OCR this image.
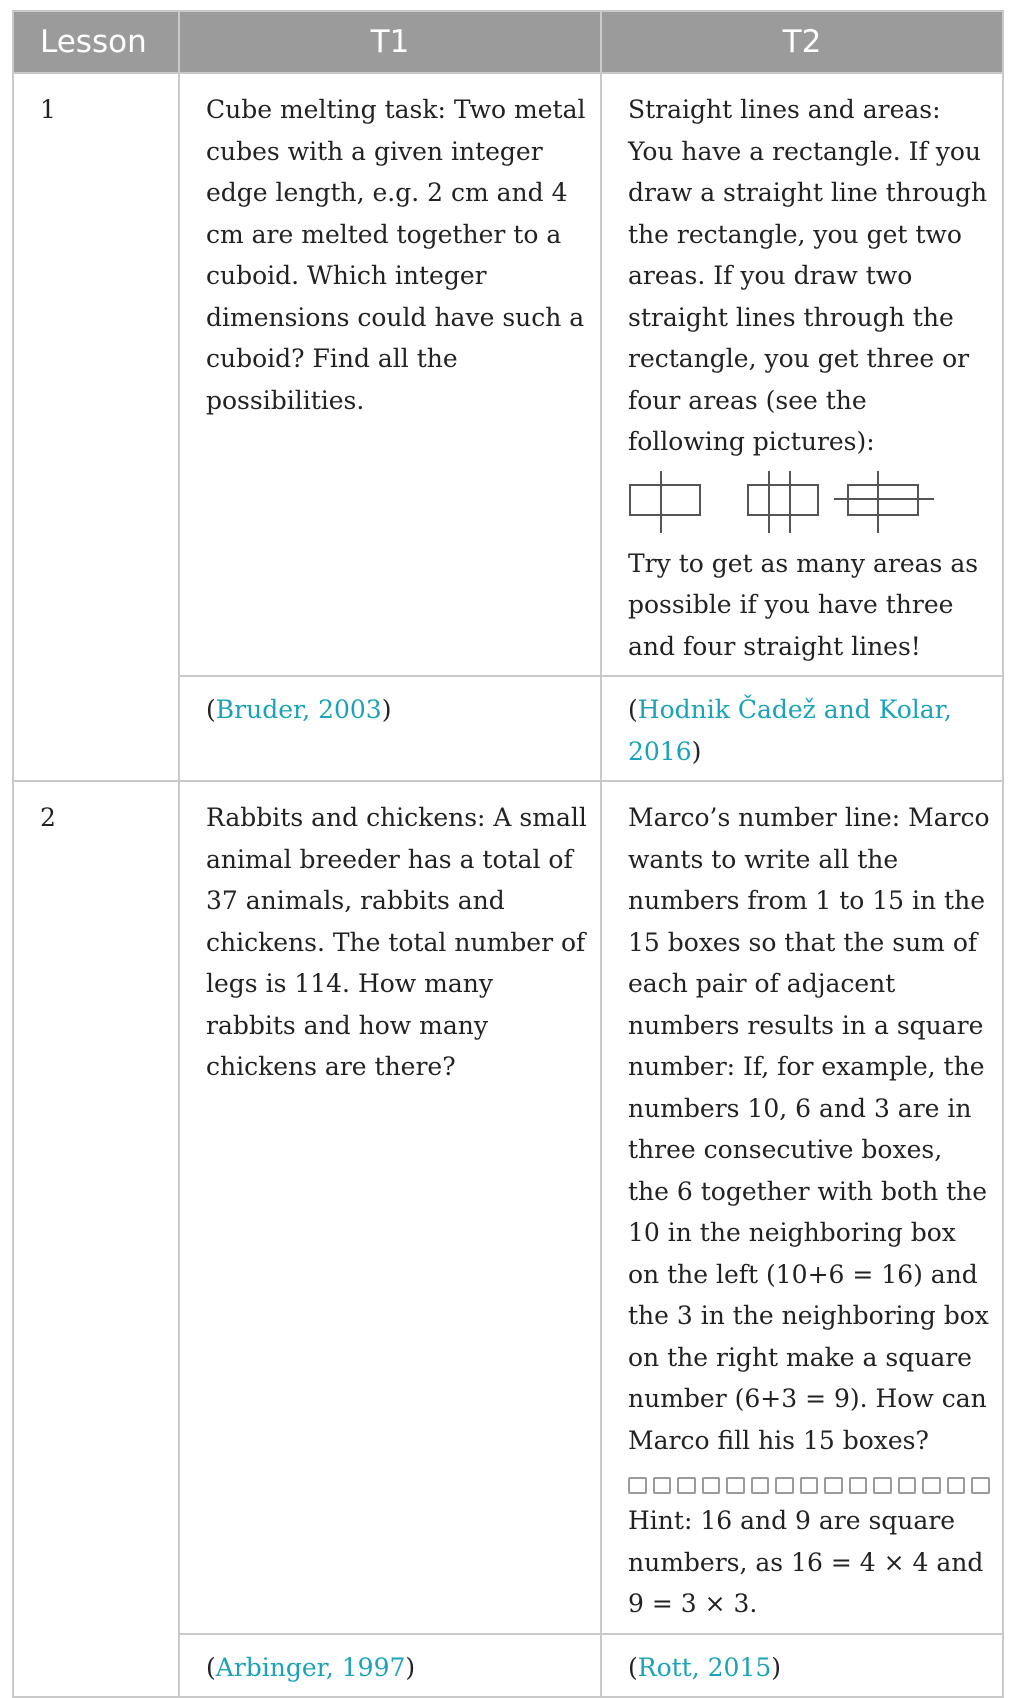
Lesson	T1	T2
1	Cube melting task: Two metal cubes with a given integer edge length, e.g. 2 cm and 4 cm are melted together to a cuboid. Which integer dimensions could have such a cuboid? Find all the possibilities.	Straight lines and areas: You have a rectangle. If you draw a straight line through the rectangle, you get two areas. If you draw two straight lines through the rectangle, you get three or four areas (see the following pictures):
Try to get as many areas as possible if you have three and four straight lines!
	(Bruder, 2003)	(Hodnik Čadež and Kolar, 2016)
2	Rabbits and chickens: A small animal breeder has a total of 37 animals, rabbits and chickens. The total number of legs is 114. How many rabbits and how many chickens are there?	Marco’s number line: Marco wants to write all the numbers from 1 to 15 in the 15 boxes so that the sum of each pair of adjacent numbers results in a square number: If, for example, the numbers 10, 6 and 3 are in three consecutive boxes, the 6 together with both the 10 in the neighboring box on the left (10+6 = 16) and the 3 in the neighboring box on the right make a square number (6+3 = 9). How can Marco fill his 15 boxes?
Hint: 16 and 9 are square numbers, as 16 = 4 × 4 and 9 = 3 × 3.
	(Arbinger, 1997)	(Rott, 2015)
